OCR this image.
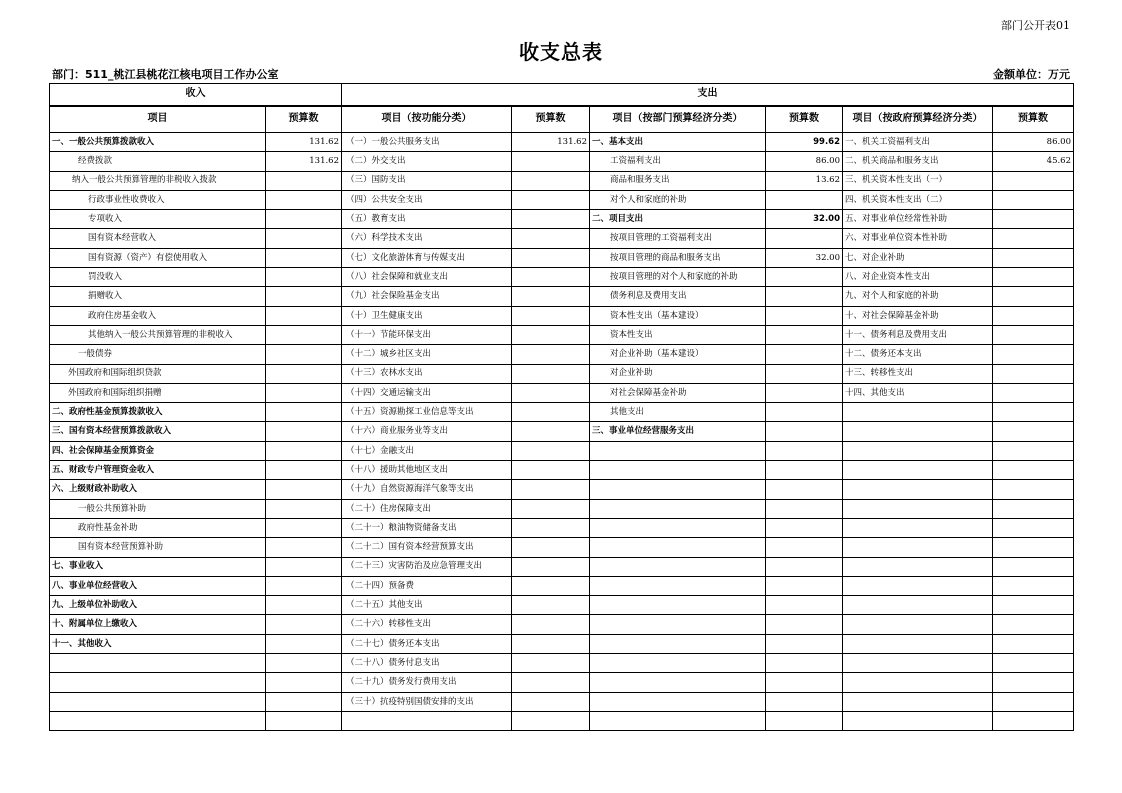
部门公开表01
收支总表
部门：511_桃江县桃花江核电项目工作办公室	金额单位：万元
收入		支出					
项目	预算数	项目（按功能分类）	预算数	项目（按部门预算经济分类）	预算数	项目（按政府预算经济分类）	预算数
一、一般公共预算拨款收入	131.62	（一）一般公共服务支出	131.62	一、基本支出	99.62	一、机关工资福利支出	86.00
经费拨款	131.62	（二）外交支出		工资福利支出	86.00	二、机关商品和服务支出	45.62
纳入一般公共预算管理的非税收入拨款		（三）国防支出		商品和服务支出	13.62	三、机关资本性支出（一）	
行政事业性收费收入		（四）公共安全支出		对个人和家庭的补助		四、机关资本性支出（二）	
专项收入		（五）教育支出		二、项目支出	32.00	五、对事业单位经常性补助	
国有资本经营收入		（六）科学技术支出		按项目管理的工资福利支出		六、对事业单位资本性补助	
国有资源（资产）有偿使用收入		（七）文化旅游体育与传媒支出		按项目管理的商品和服务支出	32.00	七、对企业补助	
罚没收入		（八）社会保障和就业支出		按项目管理的对个人和家庭的补助		八、对企业资本性支出	
捐赠收入		（九）社会保险基金支出		债务利息及费用支出		九、对个人和家庭的补助	
政府住房基金收入		（十）卫生健康支出		资本性支出（基本建设）		十、对社会保障基金补助	
其他纳入一般公共预算管理的非税收入		（十一）节能环保支出		资本性支出		十一、债务利息及费用支出	
一般债券		（十二）城乡社区支出		对企业补助（基本建设）		十二、债务还本支出	
外国政府和国际组织贷款		（十三）农林水支出		对企业补助		十三、转移性支出	
外国政府和国际组织捐赠		（十四）交通运输支出		对社会保障基金补助		十四、其他支出	
二、政府性基金预算拨款收入		（十五）资源勘探工业信息等支出		其他支出			
三、国有资本经营预算拨款收入		（十六）商业服务业等支出		三、事业单位经营服务支出			
四、社会保障基金预算资金		（十七）金融支出					
五、财政专户管理资金收入		（十八）援助其他地区支出					
六、上级财政补助收入		（十九）自然资源海洋气象等支出					
一般公共预算补助		（二十）住房保障支出					
政府性基金补助		（二十一）粮油物资储备支出					
国有资本经营预算补助		（二十二）国有资本经营预算支出					
七、事业收入		（二十三）灾害防治及应急管理支出					
八、事业单位经营收入		（二十四）预备费					
九、上级单位补助收入		（二十五）其他支出					
十、附属单位上缴收入		（二十六）转移性支出					
十一、其他收入		（二十七）债务还本支出					
		（二十八）债务付息支出					
		（二十九）债务发行费用支出					
		（三十）抗疫特别国债安排的支出					
